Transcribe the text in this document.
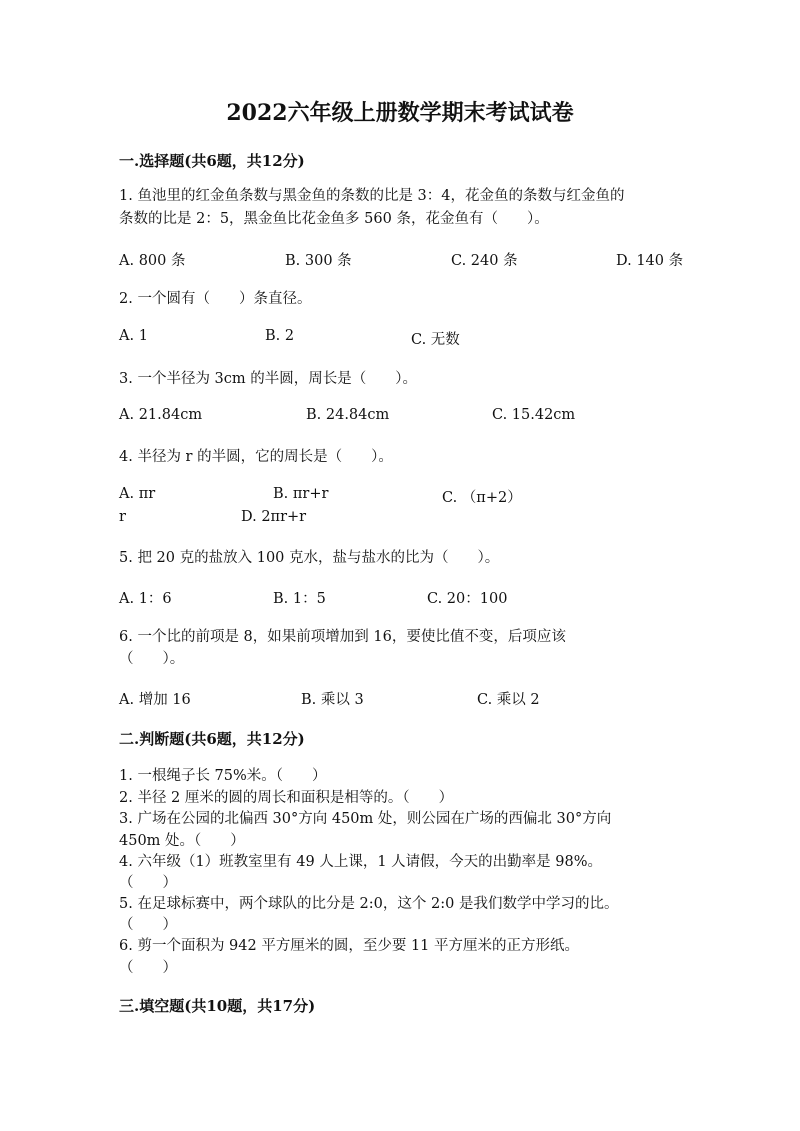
2022六年级上册数学期末考试试卷
一.选择题(共6题，共12分)
1. 鱼池里的红金鱼条数与黑金鱼的条数的比是 3：4，花金鱼的条数与红金鱼的
条数的比是 2：5，黑金鱼比花金鱼多 560 条，花金鱼有（　　）。
A. 800 条	B. 300 条	C. 240 条	D. 140 条
2. 一个圆有（　　）条直径。
A. 1	B. 2	C. 无数
3. 一个半径为 3cm 的半圆，周长是（　　）。
A. 21.84cm	B. 24.84cm	C. 15.42cm
4. 半径为 r 的半圆，它的周长是（　　）。
A. πr	B. πr+r	C. （π+2）
r	D. 2πr+r
5. 把 20 克的盐放入 100 克水，盐与盐水的比为（　　）。
A. 1：6	B. 1：5	C. 20：100
6. 一个比的前项是 8，如果前项增加到 16，要使比值不变，后项应该
（　　）。
A. 增加 16	B. 乘以 3	C. 乘以 2
二.判断题(共6题，共12分)
1. 一根绳子长 75%米。（　　）
2. 半径 2 厘米的圆的周长和面积是相等的。（　　）
3. 广场在公园的北偏西 30°方向 450m 处，则公园在广场的西偏北 30°方向
450m 处。（　　）
4. 六年级（1）班教室里有 49 人上课，1 人请假，今天的出勤率是 98%。
（　　）
5. 在足球标赛中，两个球队的比分是 2:0，这个 2:0 是我们数学中学习的比。
（　　）
6. 剪一个面积为 942 平方厘米的圆，至少要 11 平方厘米的正方形纸。
（　　）
三.填空题(共10题，共17分)
